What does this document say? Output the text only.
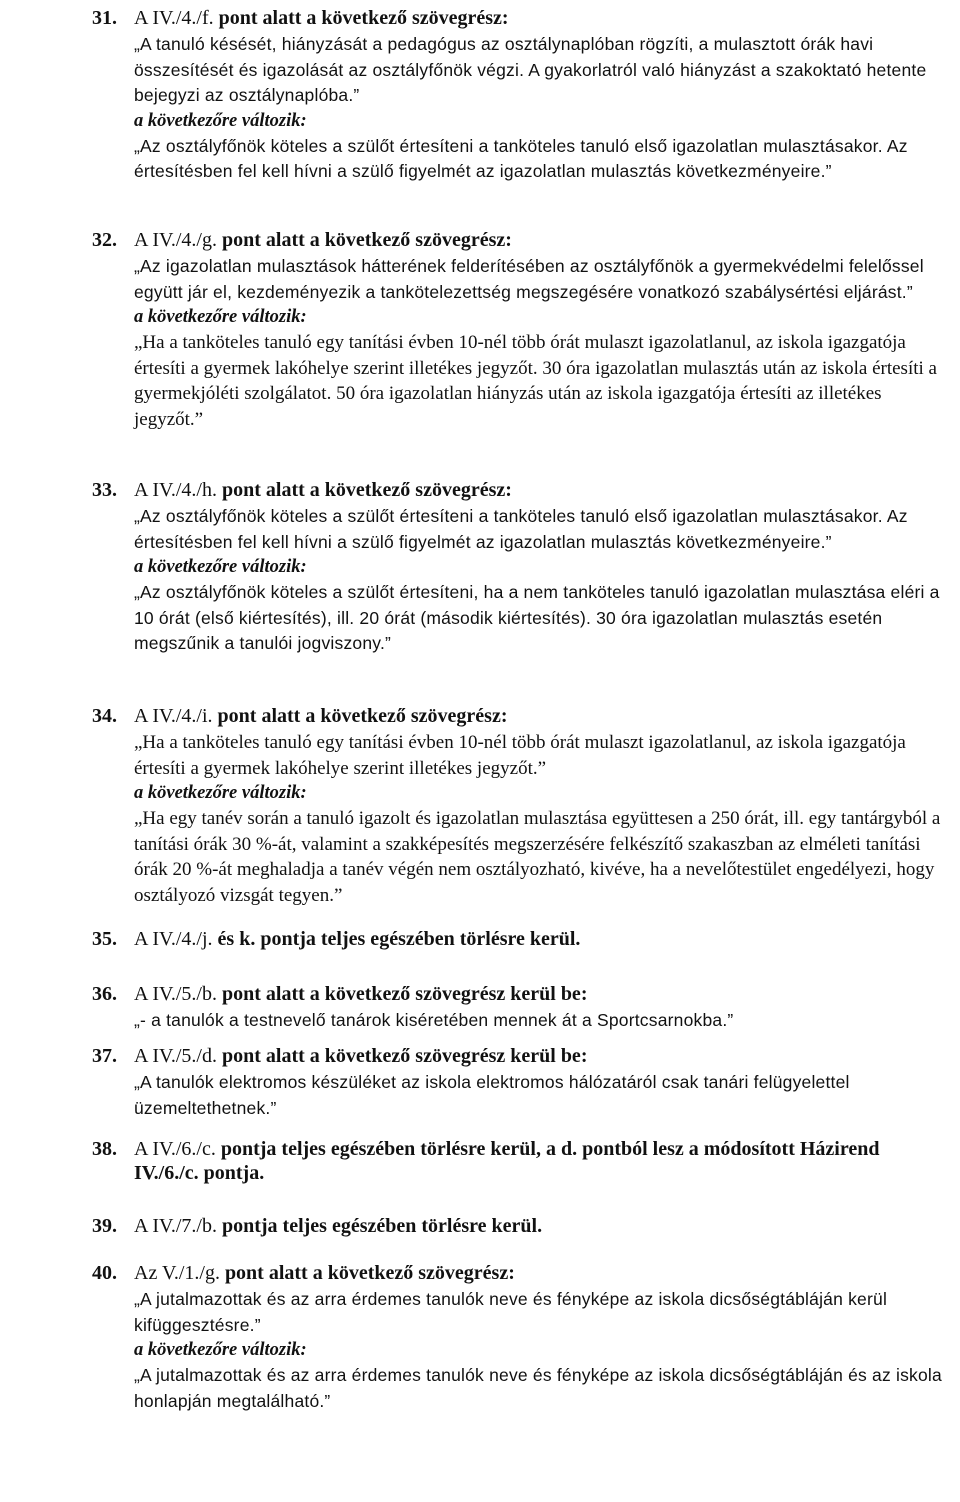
31. A IV./4./f. pont alatt a következő szövegrész:

„A tanuló késését, hiányzását a pedagógus az osztálynaplóban rögzíti, a mulasztott órák havi összesítését és igazolását az osztályfőnök végzi. A gyakorlatról való hiányzást a szakoktató hetente bejegyzi az osztálynaplóba.”

a következőre változik:

„Az osztályfőnök köteles a szülőt értesíteni a tanköteles tanuló első igazolatlan mulasztásakor. Az értesítésben fel kell hívni a szülő figyelmét az igazolatlan mulasztás következményeire.”

32. A IV./4./g. pont alatt a következő szövegrész:

„Az igazolatlan mulasztások hátterének felderítésében az osztályfőnök a gyermekvédelmi felelőssel együtt jár el, kezdeményezik a tankötelezettség megszegésére vonatkozó szabálysértési eljárást.”

a következőre változik:

„Ha a tanköteles tanuló egy tanítási évben 10-nél több órát mulaszt igazolatlanul, az iskola igazgatója értesíti a gyermek lakóhelye szerint illetékes jegyzőt. 30 óra igazolatlan mulasztás után az iskola értesíti a gyermekjóléti szolgálatot. 50 óra igazolatlan hiányzás után az iskola igazgatója értesíti az illetékes jegyzőt.”

33. A IV./4./h. pont alatt a következő szövegrész:

„Az osztályfőnök köteles a szülőt értesíteni a tanköteles tanuló első igazolatlan mulasztásakor. Az értesítésben fel kell hívni a szülő figyelmét az igazolatlan mulasztás következményeire.”

a következőre változik:

„Az osztályfőnök köteles a szülőt értesíteni, ha a nem tanköteles tanuló igazolatlan mulasztása eléri a 10 órát (első kiértesítés), ill. 20 órát (második kiértesítés). 30 óra igazolatlan mulasztás esetén megszűnik a tanulói jogviszony.”

34. A IV./4./i. pont alatt a következő szövegrész:

„Ha a tanköteles tanuló egy tanítási évben 10-nél több órát mulaszt igazolatlanul, az iskola igazgatója értesíti a gyermek lakóhelye szerint illetékes jegyzőt.”

a következőre változik:

„Ha egy tanév során a tanuló igazolt és igazolatlan mulasztása együttesen a 250 órát, ill. egy tantárgyból a tanítási órák 30 %-át, valamint a szakképesítés megszerzésére felkészítő szakaszban az elméleti tanítási órák 20 %-át meghaladja a tanév végén nem osztályozható, kivéve, ha a nevelőtestület engedélyezi, hogy osztályozó vizsgát tegyen.”

35. A IV./4./j. és k. pontja teljes egészében törlésre kerül.
36. A IV./5./b. pont alatt a következő szövegrész kerül be:

„- a tanulók a testnevelő tanárok kiséretében mennek át a Sportcsarnokba.”

37. A IV./5./d. pont alatt a következő szövegrész kerül be:

„A tanulók elektromos készüléket az iskola elektromos hálózatáról csak tanári felügyelettel üzemeltethetnek.”

38. A IV./6./c. pontja teljes egészében törlésre kerül, a d. pontból lesz a módosított Házirend IV./6./c. pontja.
39. A IV./7./b. pontja teljes egészében törlésre kerül.
40. Az V./1./g. pont alatt a következő szövegrész:

„A jutalmazottak és az arra érdemes tanulók neve és fényképe az iskola dicsőségtábláján kerül kifüggesztésre.”

a következőre változik:

„A jutalmazottak és az arra érdemes tanulók neve és fényképe az iskola dicsőségtábláján és az iskola honlapján megtalálható.”
